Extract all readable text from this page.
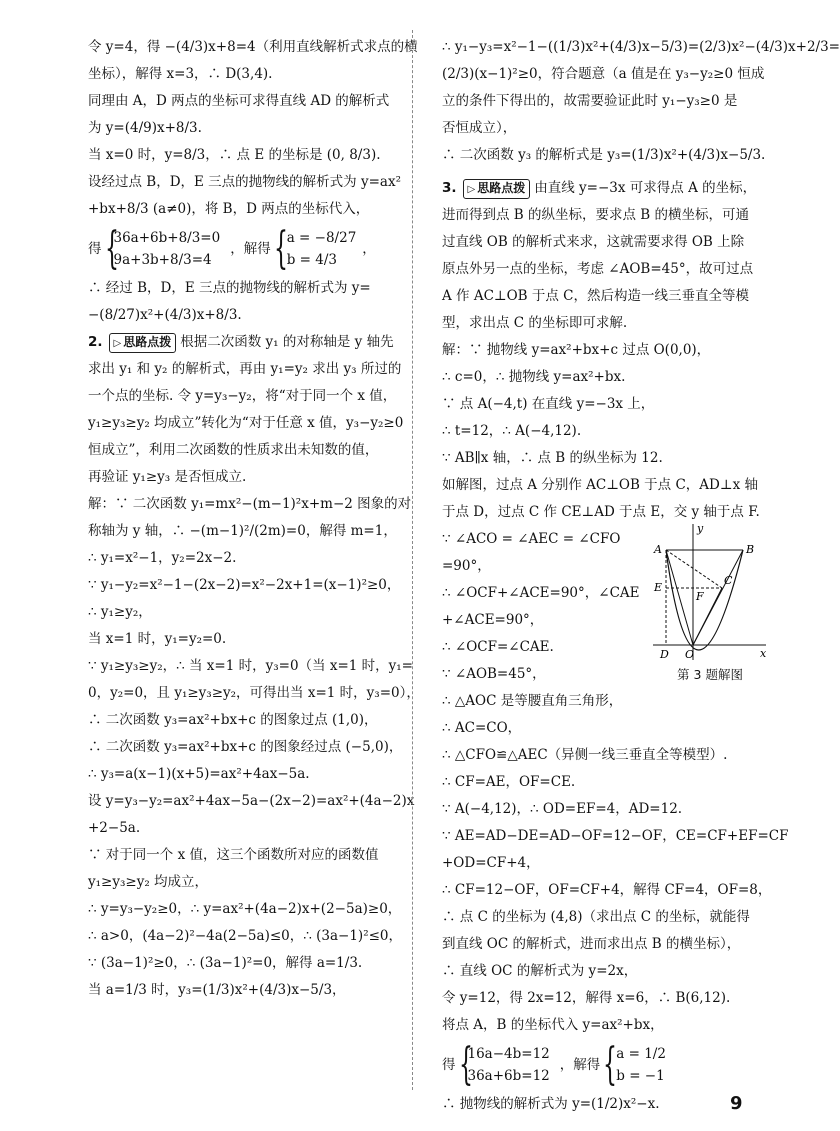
令 y=4，得 −(4/3)x+8=4（利用直线解析式求点的横
坐标），解得 x=3，∴ D(3,4).
同理由 A，D 两点的坐标可求得直线 AD 的解析式
为 y=(4/9)x+8/3.
当 x=0 时，y=8/3，∴ 点 E 的坐标是 (0, 8/3).
设经过点 B，D，E 三点的抛物线的解析式为 y=ax²
+bx+8/3 (a≠0)，将 B，D 两点的坐标代入，
得 {
36a+6b+8/3=0
9a+3b+8/3=4
，解得 { a = −8/27
b = 4/3
，
∴ 经过 B，D，E 三点的抛物线的解析式为 y=
−(8/27)x²+(4/3)x+8/3.
2. ▷ 思路点拨 根据二次函数 y₁ 的对称轴是 y 轴先
求出 y₁ 和 y₂ 的解析式，再由 y₁=y₂ 求出 y₃ 所过的
一个点的坐标. 令 y=y₃−y₂，将“对于同一个 x 值，
y₁≥y₃≥y₂ 均成立”转化为“对于任意 x 值，y₃−y₂≥0
恒成立”，利用二次函数的性质求出未知数的值，
再验证 y₁≥y₃ 是否恒成立.
解：∵ 二次函数 y₁=mx²−(m−1)²x+m−2 图象的对
称轴为 y 轴，∴ −(m−1)²/(2m)=0，解得 m=1，
∴ y₁=x²−1，y₂=2x−2.
∵ y₁−y₂=x²−1−(2x−2)=x²−2x+1=(x−1)²≥0，
∴ y₁≥y₂，
当 x=1 时，y₁=y₂=0.
∵ y₁≥y₃≥y₂，∴ 当 x=1 时，y₃=0（当 x=1 时，y₁=
0，y₂=0，且 y₁≥y₃≥y₂，可得出当 x=1 时，y₃=0），
∴ 二次函数 y₃=ax²+bx+c 的图象过点 (1,0)，
∴ 二次函数 y₃=ax²+bx+c 的图象经过点 (−5,0)，
∴ y₃=a(x−1)(x+5)=ax²+4ax−5a.
设 y=y₃−y₂=ax²+4ax−5a−(2x−2)=ax²+(4a−2)x
+2−5a.
∵ 对于同一个 x 值，这三个函数所对应的函数值
y₁≥y₃≥y₂ 均成立，
∴ y=y₃−y₂≥0，∴ y=ax²+(4a−2)x+(2−5a)≥0，
∴ a>0，(4a−2)²−4a(2−5a)≤0，∴ (3a−1)²≤0，
∵ (3a−1)²≥0，∴ (3a−1)²=0，解得 a=1/3.
当 a=1/3 时，y₃=(1/3)x²+(4/3)x−5/3，
∴ y₁−y₃=x²−1−((1/3)x²+(4/3)x−5/3)=(2/3)x²−(4/3)x+2/3=
(2/3)(x−1)²≥0，符合题意（a 值是在 y₃−y₂≥0 恒成
立的条件下得出的，故需要验证此时 y₁−y₃≥0 是
否恒成立），
∴ 二次函数 y₃ 的解析式是 y₃=(1/3)x²+(4/3)x−5/3.
3. ▷ 思路点拨 由直线 y=−3x 可求得点 A 的坐标，
进而得到点 B 的纵坐标，要求点 B 的横坐标，可通
过直线 OB 的解析式来求，这就需要求得 OB 上除
原点外另一点的坐标，考虑 ∠AOB=45°，故可过点
A 作 AC⊥OB 于点 C，然后构造一线三垂直全等模
型，求出点 C 的坐标即可求解.
解：∵ 抛物线 y=ax²+bx+c 过点 O(0,0)，
∴ c=0，∴ 抛物线 y=ax²+bx.
∵ 点 A(−4,t) 在直线 y=−3x 上，
∴ t=12，∴ A(−4,12).
∵ AB∥x 轴，∴ 点 B 的纵坐标为 12.
如解图，过点 A 分别作 AC⊥OB 于点 C，AD⊥x 轴
于点 D，过点 C 作 CE⊥AD 于点 E，交 y 轴于点 F.
∵ ∠ACO = ∠AEC = ∠CFO
=90°，
∴ ∠OCF+∠ACE=90°，∠CAE
+∠ACE=90°，
∴ ∠OCF=∠CAE.
∵ ∠AOB=45°，
∴ △AOC 是等腰直角三角形，
∴ AC=CO，
∴ △CFO≌△AEC（异侧一线三垂直全等模型）.
∴ CF=AE，OF=CE.
∵ A(−4,12)，∴ OD=EF=4，AD=12.
∵ AE=AD−DE=AD−OF=12−OF，CE=CF+EF=CF
+OD=CF+4，
∴ CF=12−OF，OF=CF+4，解得 CF=4，OF=8，
∴ 点 C 的坐标为 (4,8)（求出点 C 的坐标，就能得
到直线 OC 的解析式，进而求出点 B 的横坐标），
∴ 直线 OC 的解析式为 y=2x，
令 y=12，得 2x=12，解得 x=6，∴ B(6,12).
将点 A，B 的坐标代入 y=ax²+bx，
得 {
16a−4b=12
36a+6b=12
，解得 { a = 1/2
b = −1
∴ 抛物线的解析式为 y=(1/2)x²−x.
A	B
C
E
F
D O	x
y
第 3 题解图
9
